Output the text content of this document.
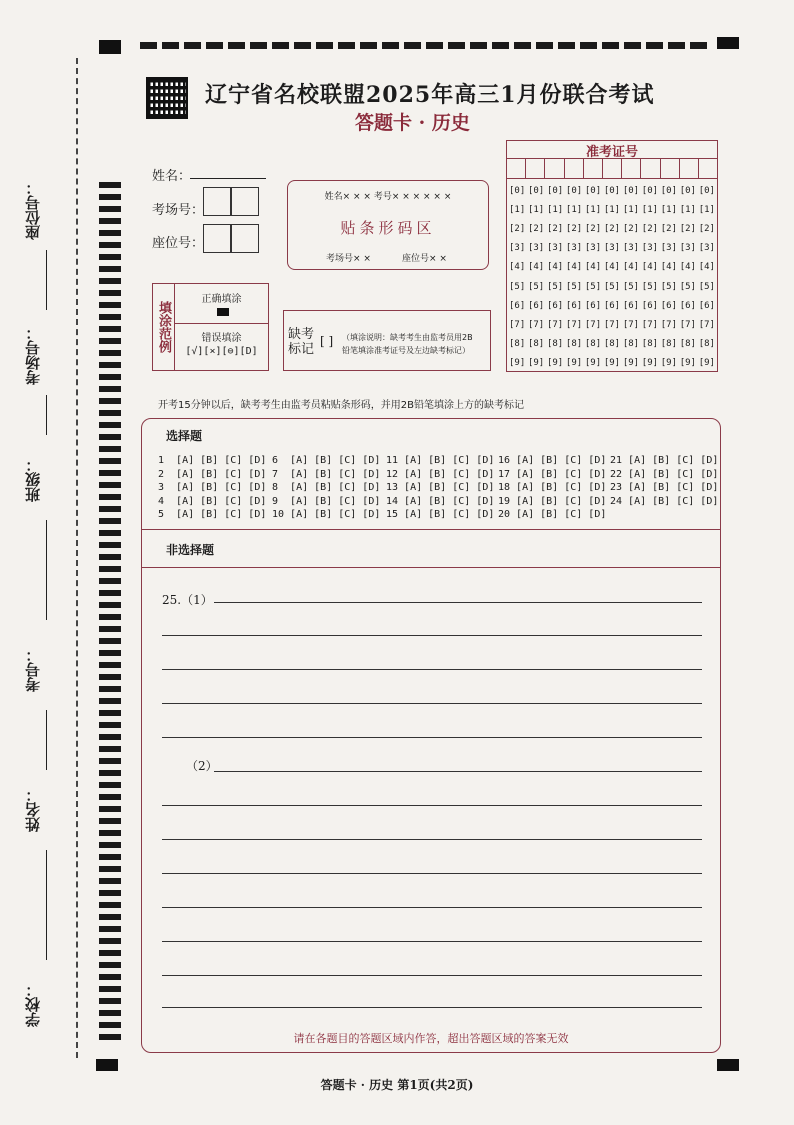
座位号：
考场号：
班级：
考号：
姓名：
学校：
辽宁省名校联盟2025年高三1月份联合考试
答题卡 · 历史
姓名：
考场号：
座位号：
姓名× × × 考号× × × × × ×
贴条形码区
考场号× ×	座位号× ×
准考证号
[0] [0] [0] [0] [0] [0] [0] [0] [0] [0] [0]
[1] [1] [1] [1] [1] [1] [1] [1] [1] [1] [1]
[2] [2] [2] [2] [2] [2] [2] [2] [2] [2] [2]
[3] [3] [3] [3] [3] [3] [3] [3] [3] [3] [3]
[4] [4] [4] [4] [4] [4] [4] [4] [4] [4] [4]
[5] [5] [5] [5] [5] [5] [5] [5] [5] [5] [5]
[6] [6] [6] [6] [6] [6] [6] [6] [6] [6] [6]
[7] [7] [7] [7] [7] [7] [7] [7] [7] [7] [7]
[8] [8] [8] [8] [8] [8] [8] [8] [8] [8] [8]
[9] [9] [9] [9] [9] [9] [9] [9] [9] [9] [9]
填涂范例
正确填涂
错误填涂
[√][×][⊖][D]
缺考标记
[ ] （填涂说明：缺考考生由监考员用2B
铅笔填涂准考证号及左边缺考标记）
开考15分钟以后，缺考考生由监考员粘贴条形码，并用2B铅笔填涂上方的缺考标记
选择题
1  [A] [B] [C] [D]
2  [A] [B] [C] [D]
3  [A] [B] [C] [D]
4  [A] [B] [C] [D]
5  [A] [B] [C] [D]
6  [A] [B] [C] [D]
7  [A] [B] [C] [D]
8  [A] [B] [C] [D]
9  [A] [B] [C] [D]
10 [A] [B] [C] [D]
11 [A] [B] [C] [D]
12 [A] [B] [C] [D]
13 [A] [B] [C] [D]
14 [A] [B] [C] [D]
15 [A] [B] [C] [D]
16 [A] [B] [C] [D]
17 [A] [B] [C] [D]
18 [A] [B] [C] [D]
19 [A] [B] [C] [D]
20 [A] [B] [C] [D]
21 [A] [B] [C] [D]
22 [A] [B] [C] [D]
23 [A] [B] [C] [D]
24 [A] [B] [C] [D]
非选择题
25.（1）
（2）
请在各题目的答题区域内作答，超出答题区域的答案无效
答题卡 · 历史 第1页(共2页)
